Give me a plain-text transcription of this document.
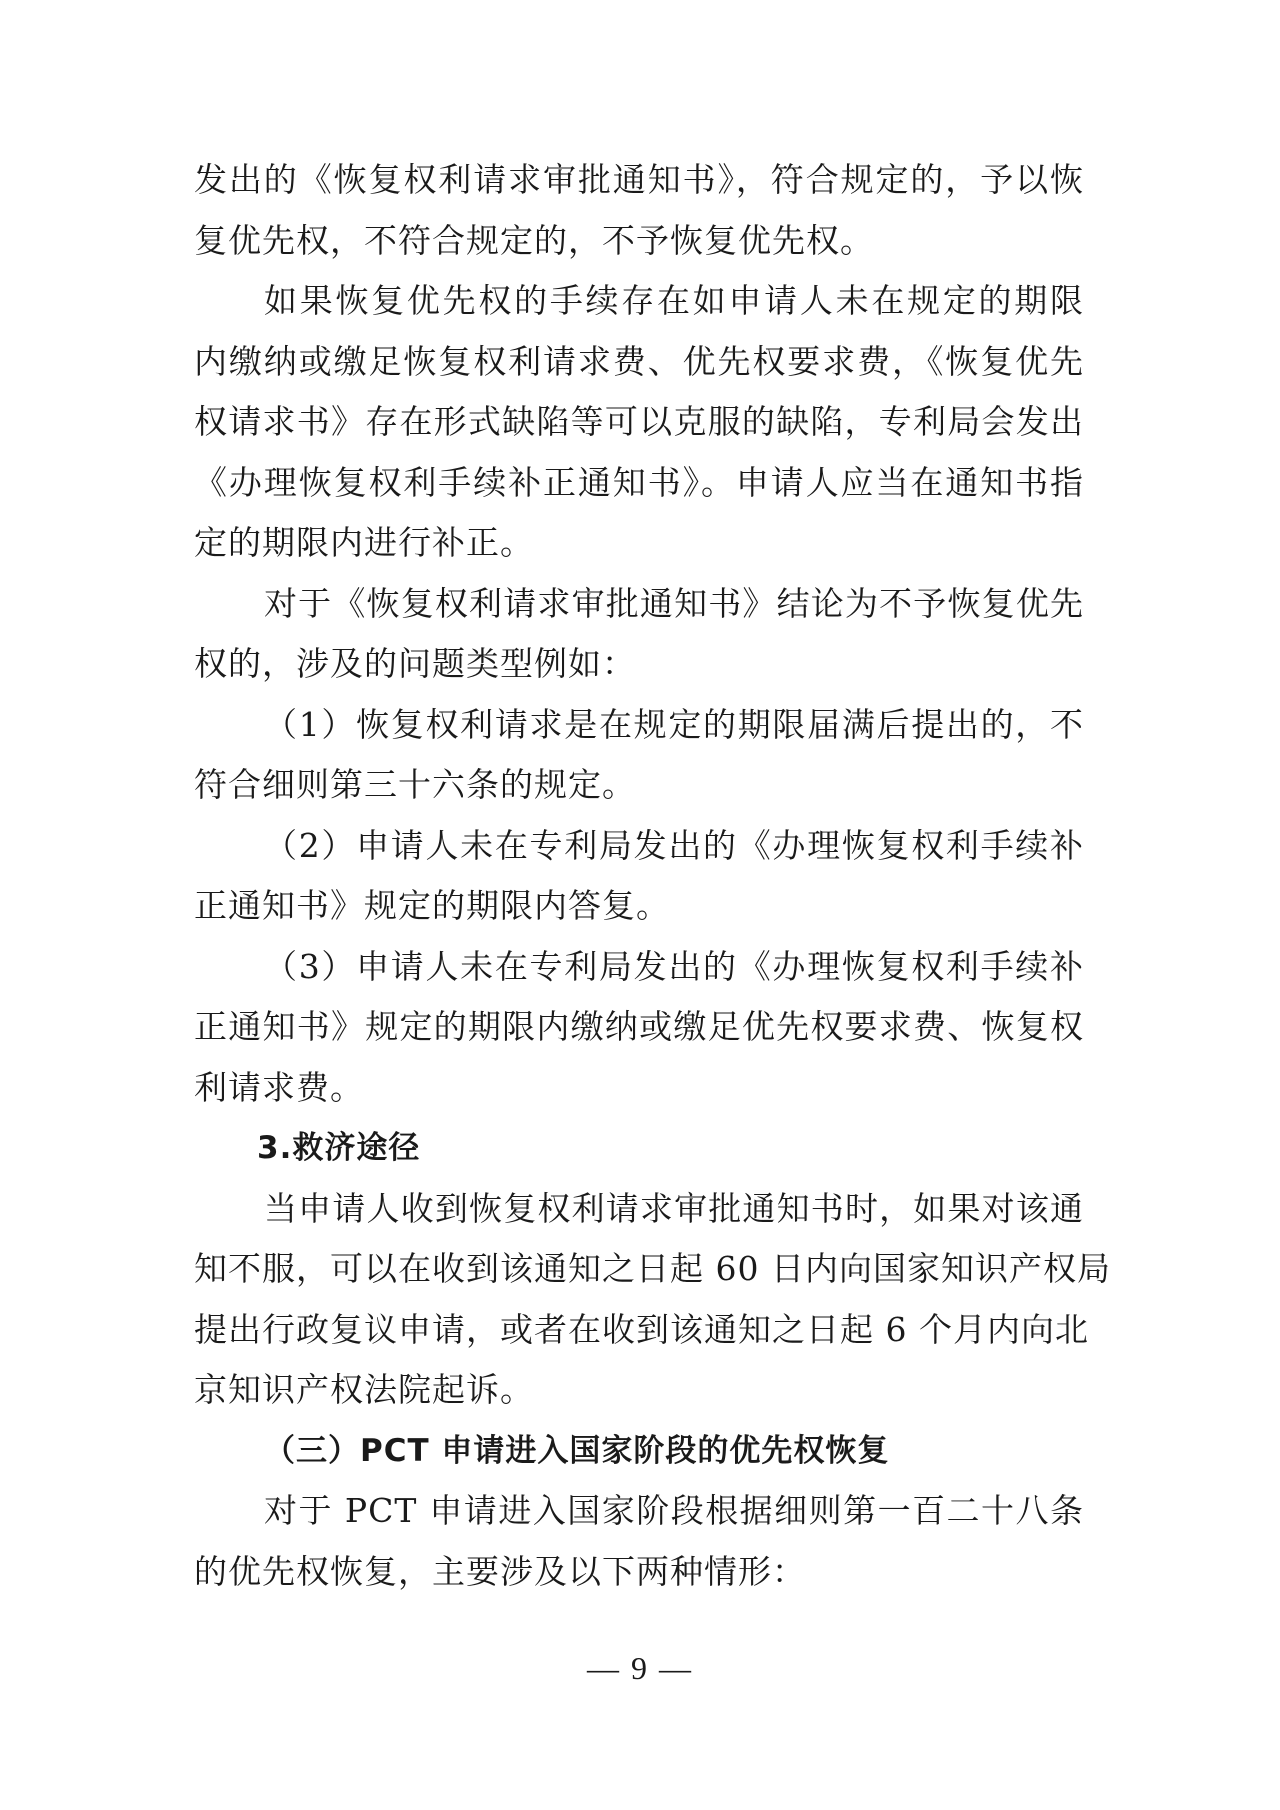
发出的《恢复权利请求审批通知书》，符合规定的，予以恢
复优先权，不符合规定的，不予恢复优先权。
如果恢复优先权的手续存在如申请人未在规定的期限
内缴纳或缴足恢复权利请求费、优先权要求费，《恢复优先
权请求书》存在形式缺陷等可以克服的缺陷，专利局会发出
《办理恢复权利手续补正通知书》。申请人应当在通知书指
定的期限内进行补正。
对于《恢复权利请求审批通知书》结论为不予恢复优先
权的，涉及的问题类型例如：
（1）恢复权利请求是在规定的期限届满后提出的，不
符合细则第三十六条的规定。
（2）申请人未在专利局发出的《办理恢复权利手续补
正通知书》规定的期限内答复。
（3）申请人未在专利局发出的《办理恢复权利手续补
正通知书》规定的期限内缴纳或缴足优先权要求费、恢复权
利请求费。
3.救济途径
当申请人收到恢复权利请求审批通知书时，如果对该通
知不服，可以在收到该通知之日起 60 日内向国家知识产权局
提出行政复议申请，或者在收到该通知之日起 6 个月内向北
京知识产权法院起诉。
（三）PCT 申请进入国家阶段的优先权恢复
对于 PCT 申请进入国家阶段根据细则第一百二十八条
的优先权恢复，主要涉及以下两种情形：
— 9 —
